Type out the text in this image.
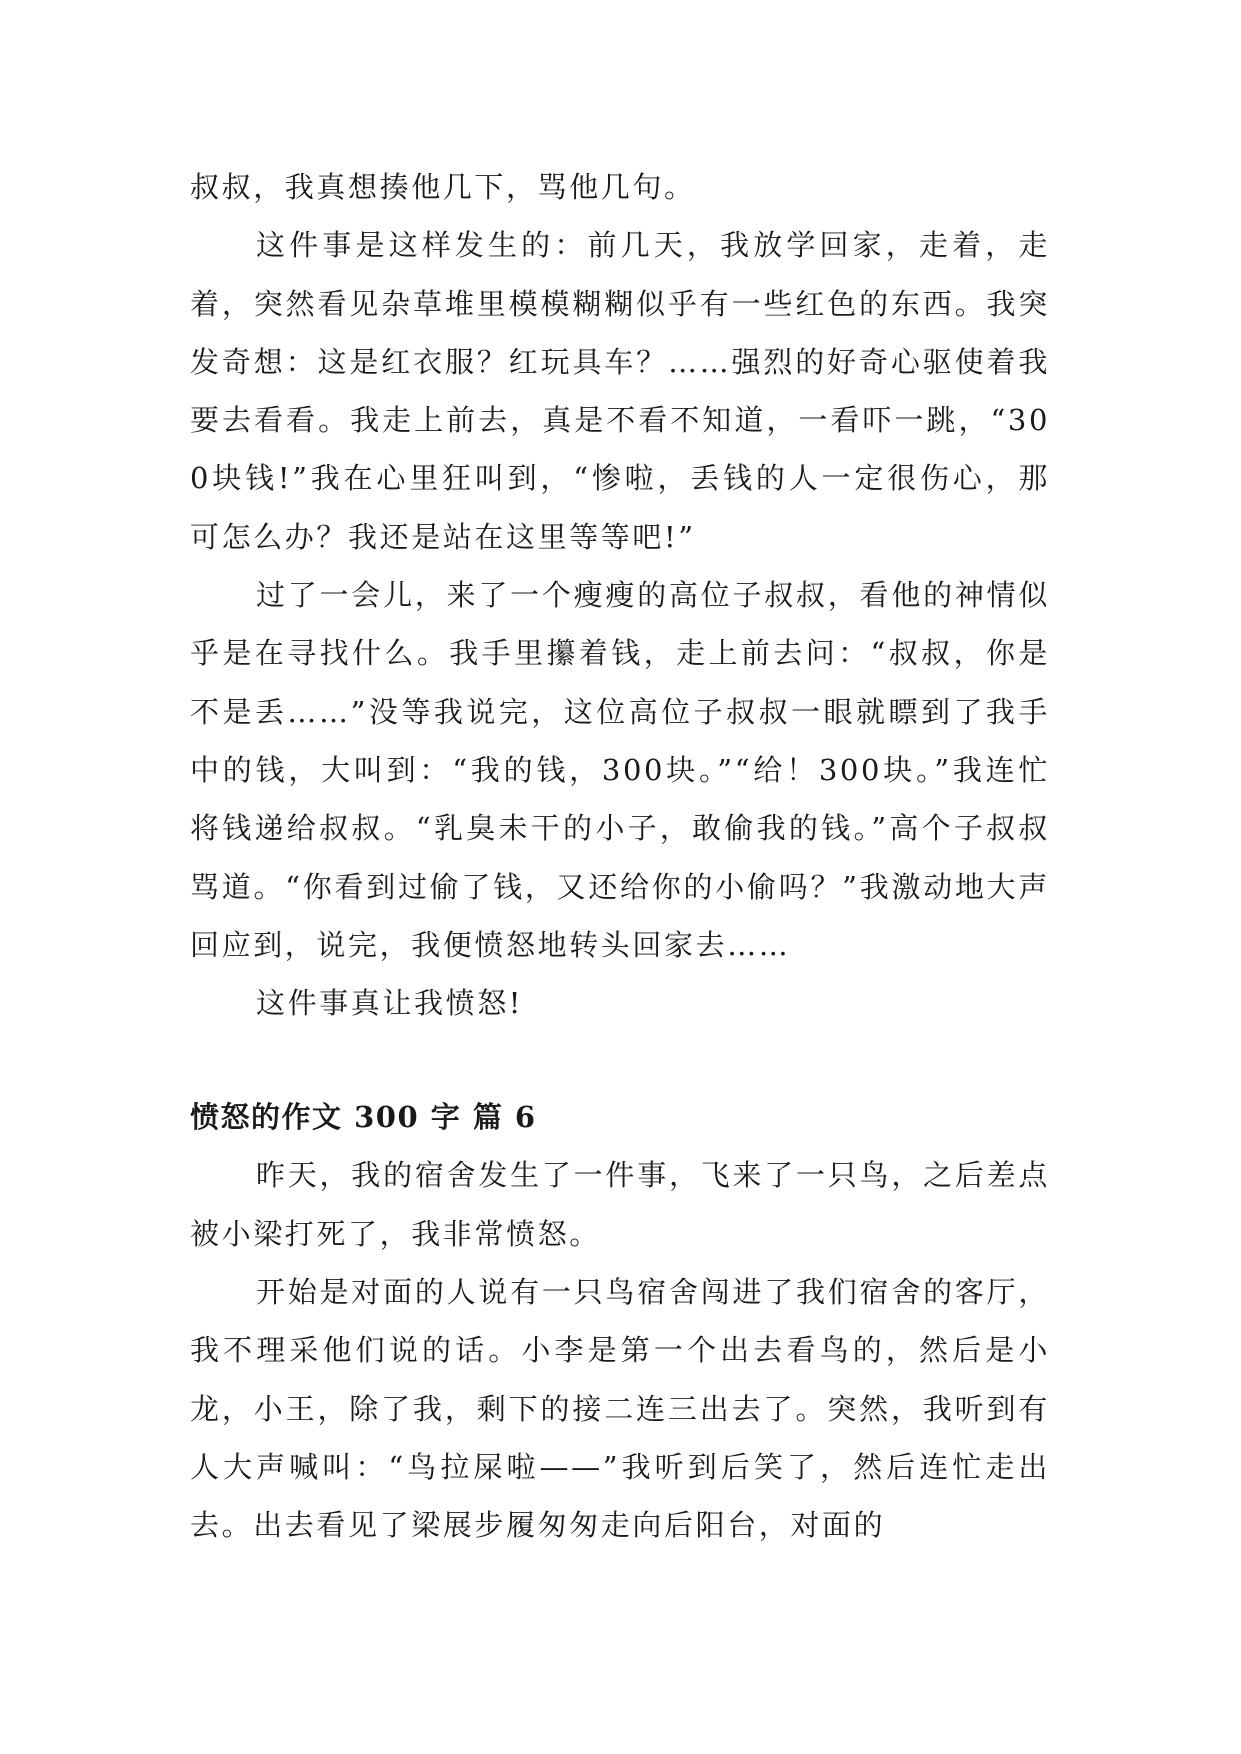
叔叔，我真想揍他几下，骂他几句。

这件事是这样发生的：前几天，我放学回家，走着，走着，突然看见杂草堆里模模糊糊似乎有一些红色的东西。我突发奇想：这是红衣服？红玩具车？……强烈的好奇心驱使着我要去看看。我走上前去，真是不看不知道，一看吓一跳，“300块钱!”我在心里狂叫到，“惨啦，丢钱的人一定很伤心，那可怎么办？我还是站在这里等等吧!”

过了一会儿，来了一个瘦瘦的高位子叔叔，看他的神情似乎是在寻找什么。我手里攥着钱，走上前去问：“叔叔，你是不是丢……”没等我说完，这位高位子叔叔一眼就瞟到了我手中的钱，大叫到：“我的钱，300块。”“给！300块。”我连忙将钱递给叔叔。“乳臭未干的小子，敢偷我的钱。”高个子叔叔骂道。“你看到过偷了钱，又还给你的小偷吗？”我激动地大声回应到，说完，我便愤怒地转头回家去……

这件事真让我愤怒!

愤怒的作文 300 字 篇 6

昨天，我的宿舍发生了一件事，飞来了一只鸟，之后差点被小梁打死了，我非常愤怒。

开始是对面的人说有一只鸟宿舍闯进了我们宿舍的客厅，我不理采他们说的话。小李是第一个出去看鸟的，然后是小龙，小王，除了我，剩下的接二连三出去了。突然，我听到有人大声喊叫：“鸟拉屎啦——”我听到后笑了，然后连忙走出去。出去看见了梁展步履匆匆走向后阳台，对面的
